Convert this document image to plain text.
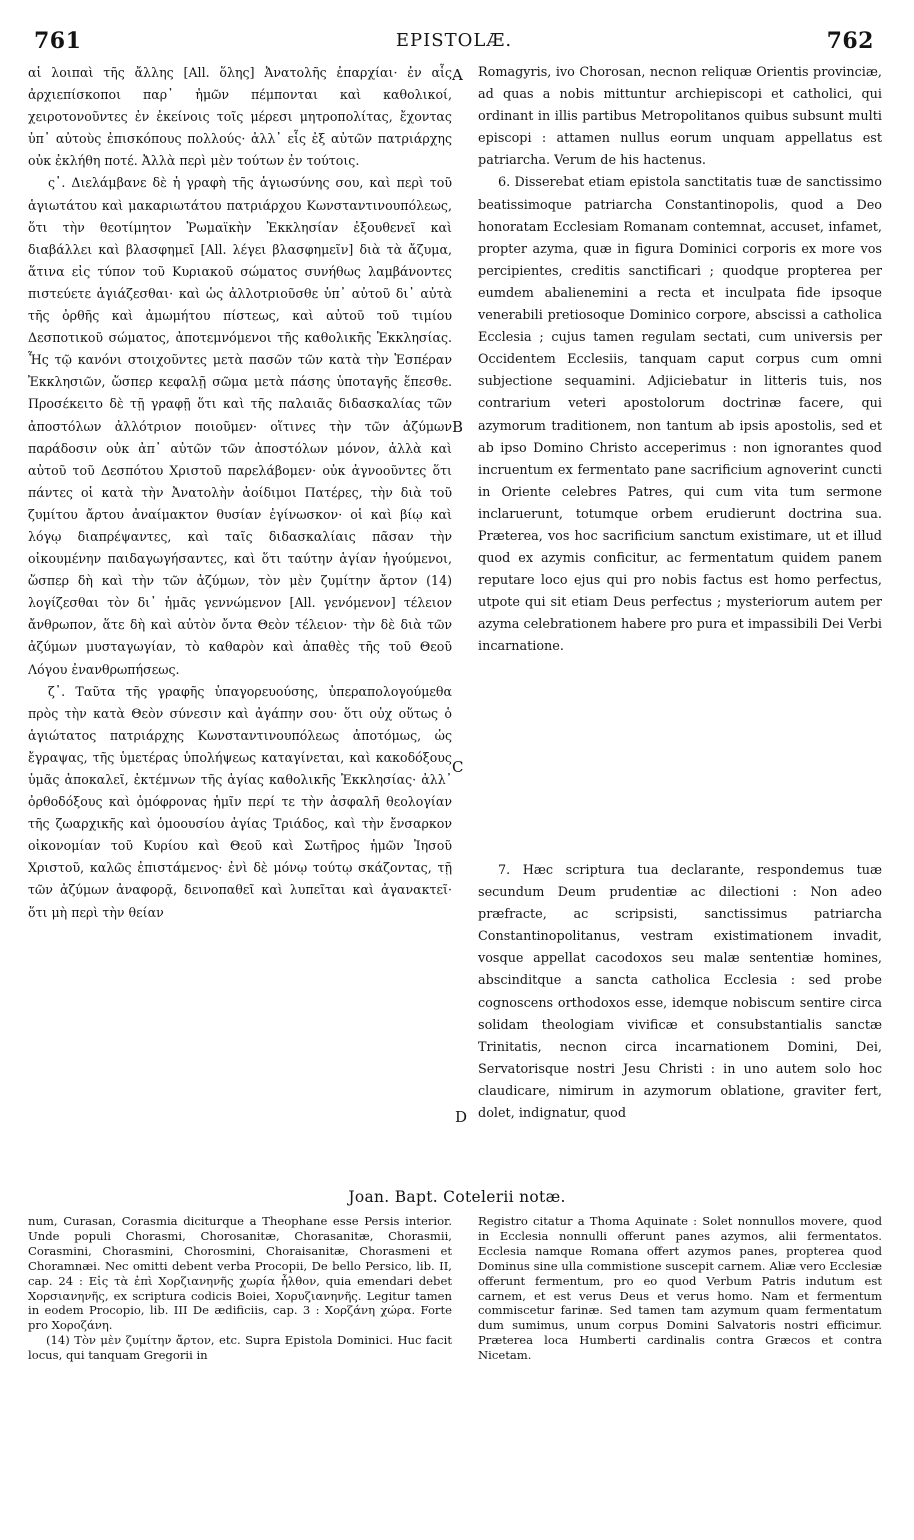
761	EPISTOLÆ.	762

αἱ λοιπαὶ τῆς ἄλλης [All. ὅλης] Ἀνατολῆς ἐπαρχίαι· ἐν αἷς ἀρχιεπίσκοποι παρ᾽ ἡμῶν πέμπονται καὶ καθολικοί, χειροτονοῦντες ἐν ἐκείνοις τοῖς μέρεσι μητροπολίτας, ἔχοντας ὑπ᾽ αὐτοὺς ἐπισκόπους πολλούς· ἀλλ᾽ εἷς ἐξ αὐτῶν πατριάρχης οὐκ ἐκλήθη ποτέ. Ἀλλὰ περὶ μὲν τούτων ἐν τούτοις.

ς᾽. Διελάμβανε δὲ ἡ γραφὴ τῆς ἁγιωσύνης σου, καὶ περὶ τοῦ ἁγιωτάτου καὶ μακαριωτάτου πατριάρχου Κωνσταντινουπόλεως, ὅτι τὴν θεοτίμητον Ῥωμαϊκὴν Ἐκκλησίαν ἐξουθενεῖ καὶ διαβάλλει καὶ βλασφημεῖ [All. λέγει βλασφημεῖν] διὰ τὰ ἄζυμα, ἅτινα εἰς τύπον τοῦ Κυριακοῦ σώματος συνήθως λαμβάνοντες πιστεύετε ἁγιάζεσθαι· καὶ ὡς ἀλλοτριοῦσθε ὑπ᾽ αὐτοῦ δι᾽ αὐτὰ τῆς ὀρθῆς καὶ ἀμωμήτου πίστεως, καὶ αὐτοῦ τοῦ τιμίου Δεσποτικοῦ σώματος, ἀποτεμνόμενοι τῆς καθολικῆς Ἐκκλησίας. Ἧς τῷ κανόνι στοιχοῦντες μετὰ πασῶν τῶν κατὰ τὴν Ἑσπέραν Ἐκκλησιῶν, ὥσπερ κεφαλῇ σῶμα μετὰ πάσης ὑποταγῆς ἕπεσθε. Προσέκειτο δὲ τῇ γραφῇ ὅτι καὶ τῆς παλαιᾶς διδασκαλίας τῶν ἀποστόλων ἀλλότριον ποιοῦμεν· οἵτινες τὴν τῶν ἀζύμων παράδοσιν οὐκ ἀπ᾽ αὐτῶν τῶν ἀποστόλων μόνον, ἀλλὰ καὶ αὐτοῦ τοῦ Δεσπότου Χριστοῦ παρελάβομεν· οὐκ ἀγνοοῦντες ὅτι πάντες οἱ κατὰ τὴν Ἀνατολὴν ἀοίδιμοι Πατέρες, τὴν διὰ τοῦ ζυμίτου ἄρτου ἀναίμακτον θυσίαν ἐγίνωσκον· οἱ καὶ βίῳ καὶ λόγῳ διαπρέψαντες, καὶ ταῖς διδασκαλίαις πᾶσαν τὴν οἰκουμένην παιδαγωγήσαντες, καὶ ὅτι ταύτην ἁγίαν ἡγούμενοι, ὥσπερ δὴ καὶ τὴν τῶν ἀζύμων, τὸν μὲν ζυμίτην ἄρτον (14) λογίζεσθαι τὸν δι᾽ ἡμᾶς γεννώμενον [All. γενόμενον] τέλειον ἄνθρωπον, ἅτε δὴ καὶ αὐτὸν ὄντα Θεὸν τέλειον· τὴν δὲ διὰ τῶν ἀζύμων μυσταγωγίαν, τὸ καθαρὸν καὶ ἀπαθὲς τῆς τοῦ Θεοῦ Λόγου ἐνανθρωπήσεως.

ζ᾽. Ταῦτα τῆς γραφῆς ὑπαγορευούσης, ὑπεραπολογούμεθα πρὸς τὴν κατὰ Θεὸν σύνεσιν καὶ ἀγάπην σου· ὅτι οὐχ οὕτως ὁ ἁγιώτατος πατριάρχης Κωνσταντινουπόλεως ἀποτόμως, ὡς ἔγραψας, τῆς ὑμετέρας ὑπολήψεως καταγίνεται, καὶ κακοδόξους ὑμᾶς ἀποκαλεῖ, ἐκτέμνων τῆς ἁγίας καθολικῆς Ἐκκλησίας· ἀλλ᾽ ὀρθοδόξους καὶ ὁμόφρονας ἡμῖν περί τε τὴν ἀσφαλῆ θεολογίαν τῆς ζωαρχικῆς καὶ ὁμοουσίου ἁγίας Τριάδος, καὶ τὴν ἔνσαρκον οἰκονομίαν τοῦ Κυρίου καὶ Θεοῦ καὶ Σωτῆρος ἡμῶν Ἰησοῦ Χριστοῦ, καλῶς ἐπιστάμενος· ἐνὶ δὲ μόνῳ τούτῳ σκάζοντας, τῇ τῶν ἀζύμων ἀναφορᾷ, δεινοπαθεῖ καὶ λυπεῖται καὶ ἀγανακτεῖ· ὅτι μὴ περὶ τὴν θείαν

Romagyris, ivo Chorosan, necnon reliquæ Orientis provinciæ, ad quas a nobis mittuntur archiepiscopi et catholici, qui ordinant in illis partibus Metropolitanos quibus subsunt multi episcopi : attamen nullus eorum unquam appellatus est patriarcha. Verum de his hactenus.

6. Disserebat etiam epistola sanctitatis tuæ de sanctissimo beatissimoque patriarcha Constantinopolis, quod a Deo honoratam Ecclesiam Romanam contemnat, accuset, infamet, propter azyma, quæ in figura Dominici corporis ex more vos percipientes, creditis sanctificari ; quodque propterea per eumdem abalienemini a recta et inculpata fide ipsoque venerabili pretiosoque Dominico corpore, abscissi a catholica Ecclesia ; cujus tamen regulam sectati, cum universis per Occidentem Ecclesiis, tanquam caput corpus cum omni subjectione sequamini. Adjiciebatur in litteris tuis, nos contrarium veteri apostolorum doctrinæ facere, qui azymorum traditionem, non tantum ab ipsis apostolis, sed et ab ipso Domino Christo acceperimus : non ignorantes quod incruentum ex fermentato pane sacrificium agnoverint cuncti in Oriente celebres Patres, qui cum vita tum sermone inclaruerunt, totumque orbem erudierunt doctrina sua. Præterea, vos hoc sacrificium sanctum existimare, ut et illud quod ex azymis conficitur, ac fermentatum quidem panem reputare loco ejus qui pro nobis factus est homo perfectus, utpote qui sit etiam Deus perfectus ; mysteriorum autem per azyma celebrationem habere pro pura et impassibili Dei Verbi incarnatione.

7. Hæc scriptura tua declarante, respondemus tuæ secundum Deum prudentiæ ac dilectioni : Non adeo præfracte, ac scripsisti, sanctissimus patriarcha Constantinopolitanus, vestram existimationem invadit, vosque appellat cacodoxos seu malæ sententiæ homines, abscinditque a sancta catholica Ecclesia : sed probe cognoscens orthodoxos esse, idemque nobiscum sentire circa solidam theologiam vivificæ et consubstantialis sanctæ Trinitatis, necnon circa incarnationem Domini, Dei, Servatorisque nostri Jesu Christi : in uno autem solo hoc claudicare, nimirum in azymorum oblatione, graviter fert, dolet, indignatur, quod

A
B
C
D
Joan. Bapt. Cotelerii notæ.

num, Curasan, Corasmia diciturque a Theophane esse Persis interior. Unde populi Chorasmi, Chorosanitæ, Chorasanitæ, Chorasmii, Corasmini, Chorasmini, Chorosmini, Choraisanitæ, Chorasmeni et Choramnæi. Nec omitti debent verba Procopii, De bello Persico, lib. II, cap. 24 : Εἰς τὰ ἐπὶ Χορζιανηνῆς χωρία ἦλθον, quia emendari debet Χορσιανηνῆς, ex scriptura codicis Boiei, Χορυζιανηνῆς. Legitur tamen in eodem Procopio, lib. III De ædificiis, cap. 3 : Χορζάνη χώρα. Forte pro Χοροζάνη.

(14) Τὸν μὲν ζυμίτην ἄρτον, etc. Supra Epistola Dominici. Huc facit locus, qui tanquam Gregorii in

Registro citatur a Thoma Aquinate : Solet nonnullos movere, quod in Ecclesia nonnulli offerunt panes azymos, alii fermentatos. Ecclesia namque Romana offert azymos panes, propterea quod Dominus sine ulla commistione suscepit carnem. Aliæ vero Ecclesiæ offerunt fermentum, pro eo quod Verbum Patris indutum est carnem, et est verus Deus et verus homo. Nam et fermentum commiscetur farinæ. Sed tamen tam azymum quam fermentatum dum sumimus, unum corpus Domini Salvatoris nostri efficimur. Præterea loca Humberti cardinalis contra Græcos et contra Nicetam.
